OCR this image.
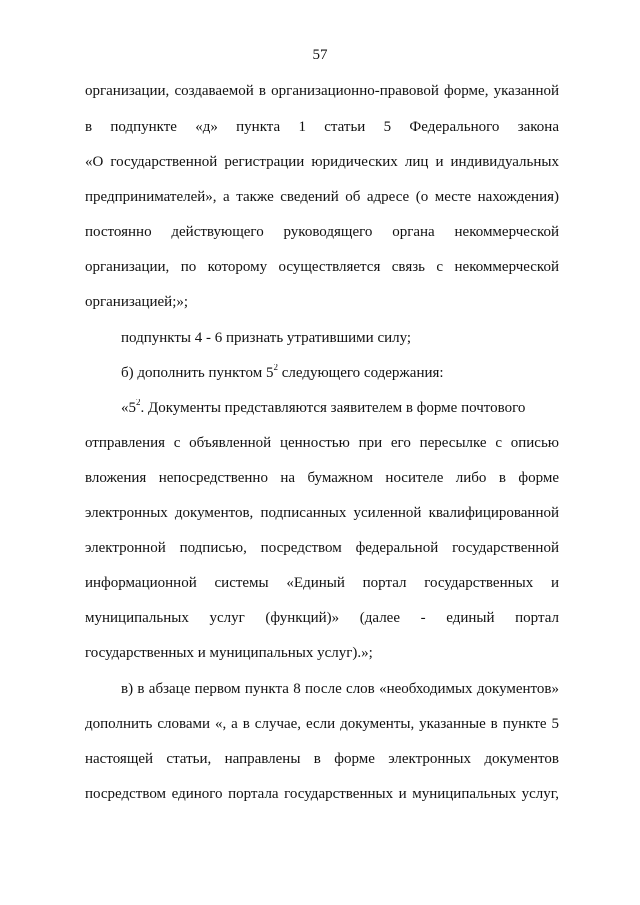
57
организации, создаваемой в организационно-правовой форме, указанной
в подпункте «д» пункта 1 статьи 5 Федерального закона
«О государственной регистрации юридических лиц и индивидуальных
предпринимателей», а также сведений об адресе (о месте нахождения)
постоянно действующего руководящего органа некоммерческой
организации, по которому осуществляется связь с некоммерческой
организацией;»;
подпункты 4 - 6 признать утратившими силу;
б) дополнить пунктом $5^2$ следующего содержания:
«$5^2$. Документы представляются заявителем в форме почтового
отправления с объявленной ценностью при его пересылке с описью
вложения непосредственно на бумажном носителе либо в форме
электронных документов, подписанных усиленной квалифицированной
электронной подписью, посредством федеральной государственной
информационной системы «Единый портал государственных и
муниципальных услуг (функций)» (далее - единый портал
государственных и муниципальных услуг).»;
в) в абзаце первом пункта 8 после слов «необходимых документов»
дополнить словами «, а в случае, если документы, указанные в пункте 5
настоящей статьи, направлены в форме электронных документов
посредством единого портала государственных и муниципальных услуг,
